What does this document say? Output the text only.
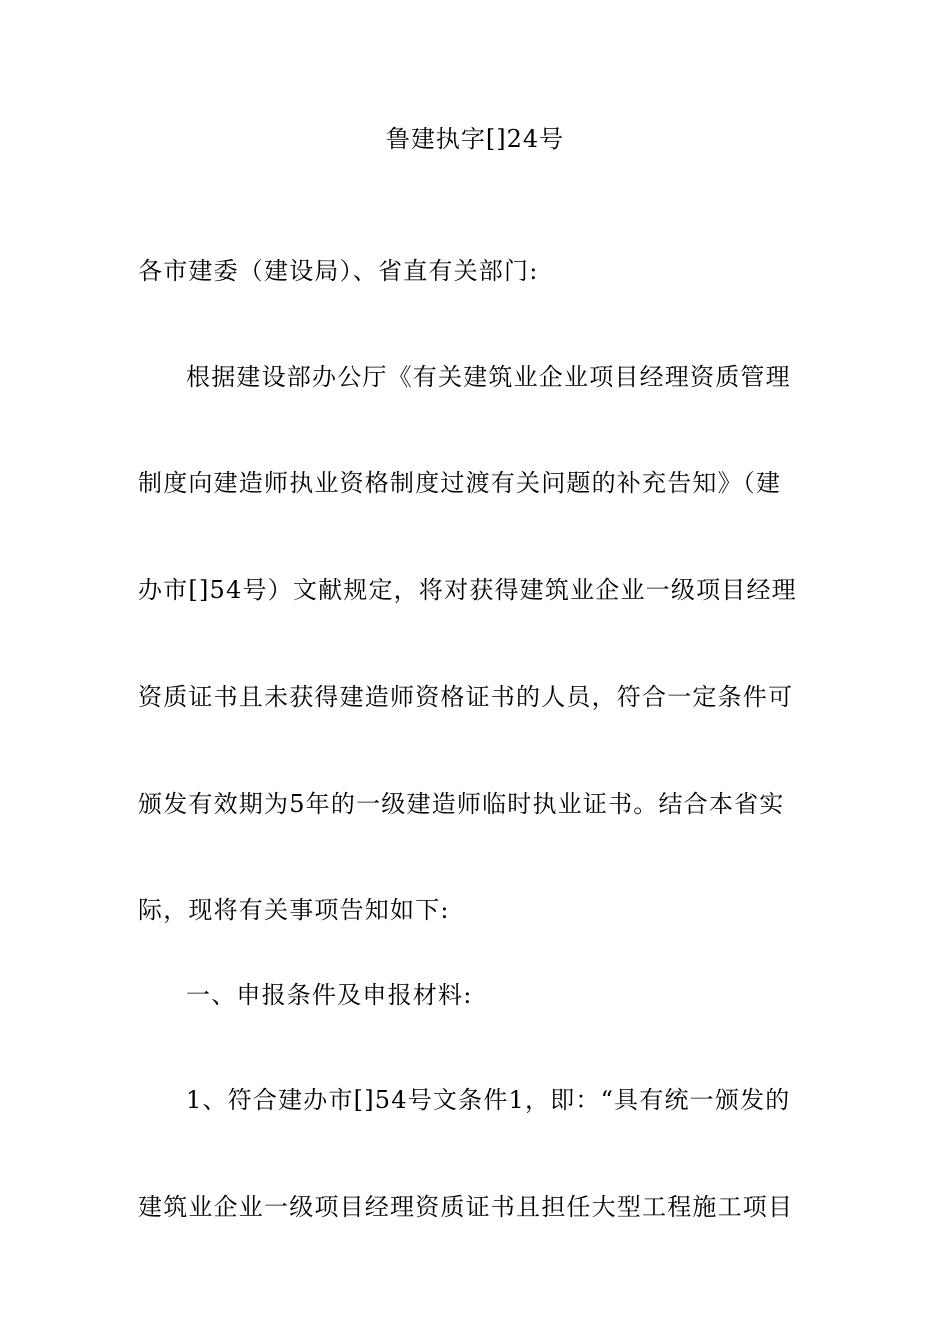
鲁建执字[]24号
各市建委（建设局）、省直有关部门:
根据建设部办公厅《有关建筑业企业项目经理资质管理
制度向建造师执业资格制度过渡有关问题的补充告知》（建
办市[]54号）文献规定，将对获得建筑业企业一级项目经理
资质证书且未获得建造师资格证书的人员，符合一定条件可
颁发有效期为5年的一级建造师临时执业证书。结合本省实
际，现将有关事项告知如下:
一、申报条件及申报材料:
1、符合建办市[]54号文条件1，即：“具有统一颁发的
建筑业企业一级项目经理资质证书且担任大型工程施工项目
